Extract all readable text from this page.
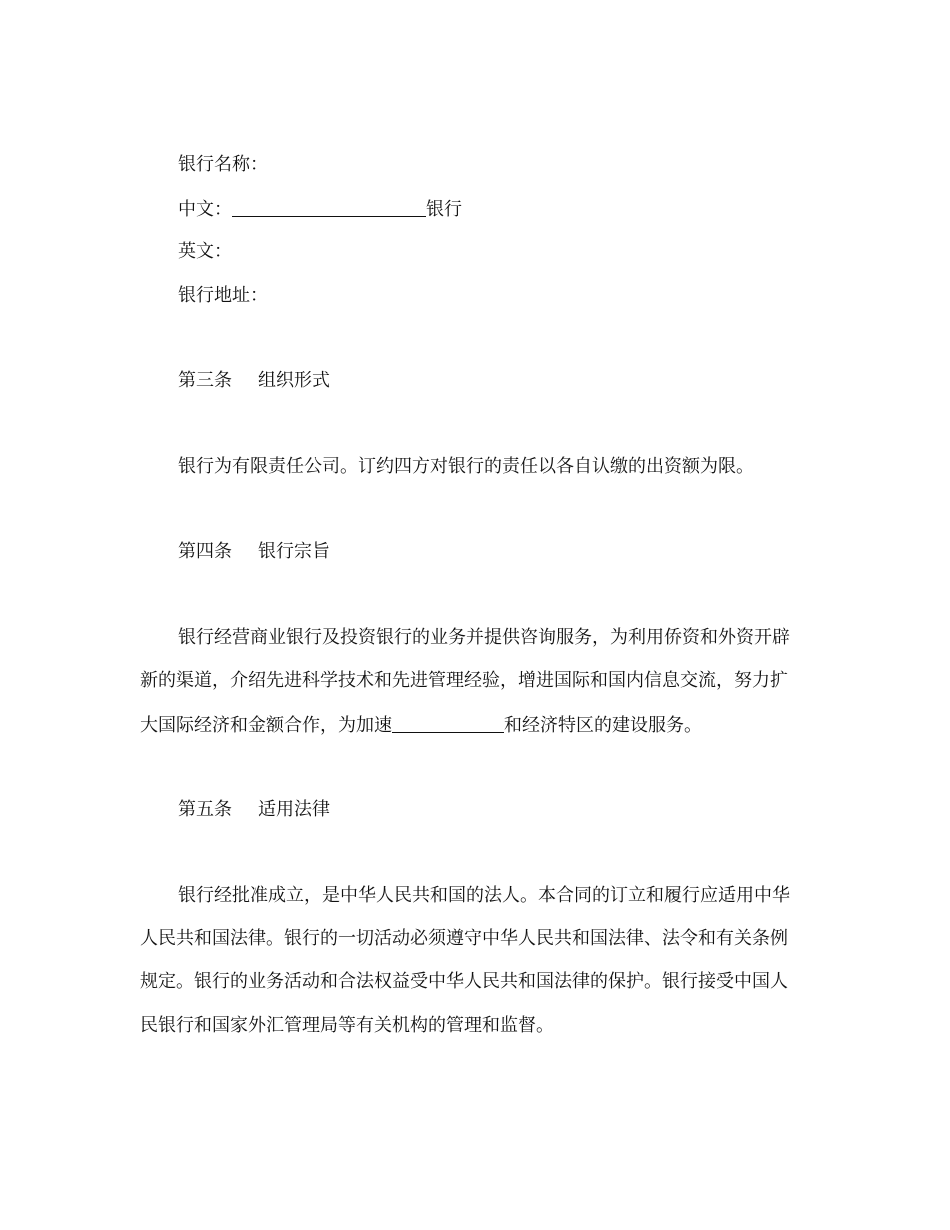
银行名称：
中文：	银行
英文：
银行地址：
第三条 组织形式
银行为有限责任公司。订约四方对银行的责任以各自认缴的出资额为限。
第四条 银行宗旨
银行经营商业银行及投资银行的业务并提供咨询服务，为利用侨资和外资开辟
新的渠道，介绍先进科学技术和先进管理经验，增进国际和国内信息交流，努力扩
大国际经济和金额合作，为加速	和经济特区的建设服务。
第五条 适用法律
银行经批准成立，是中华人民共和国的法人。本合同的订立和履行应适用中华
人民共和国法律。银行的一切活动必须遵守中华人民共和国法律、法令和有关条例
规定。银行的业务活动和合法权益受中华人民共和国法律的保护。银行接受中国人
民银行和国家外汇管理局等有关机构的管理和监督。
